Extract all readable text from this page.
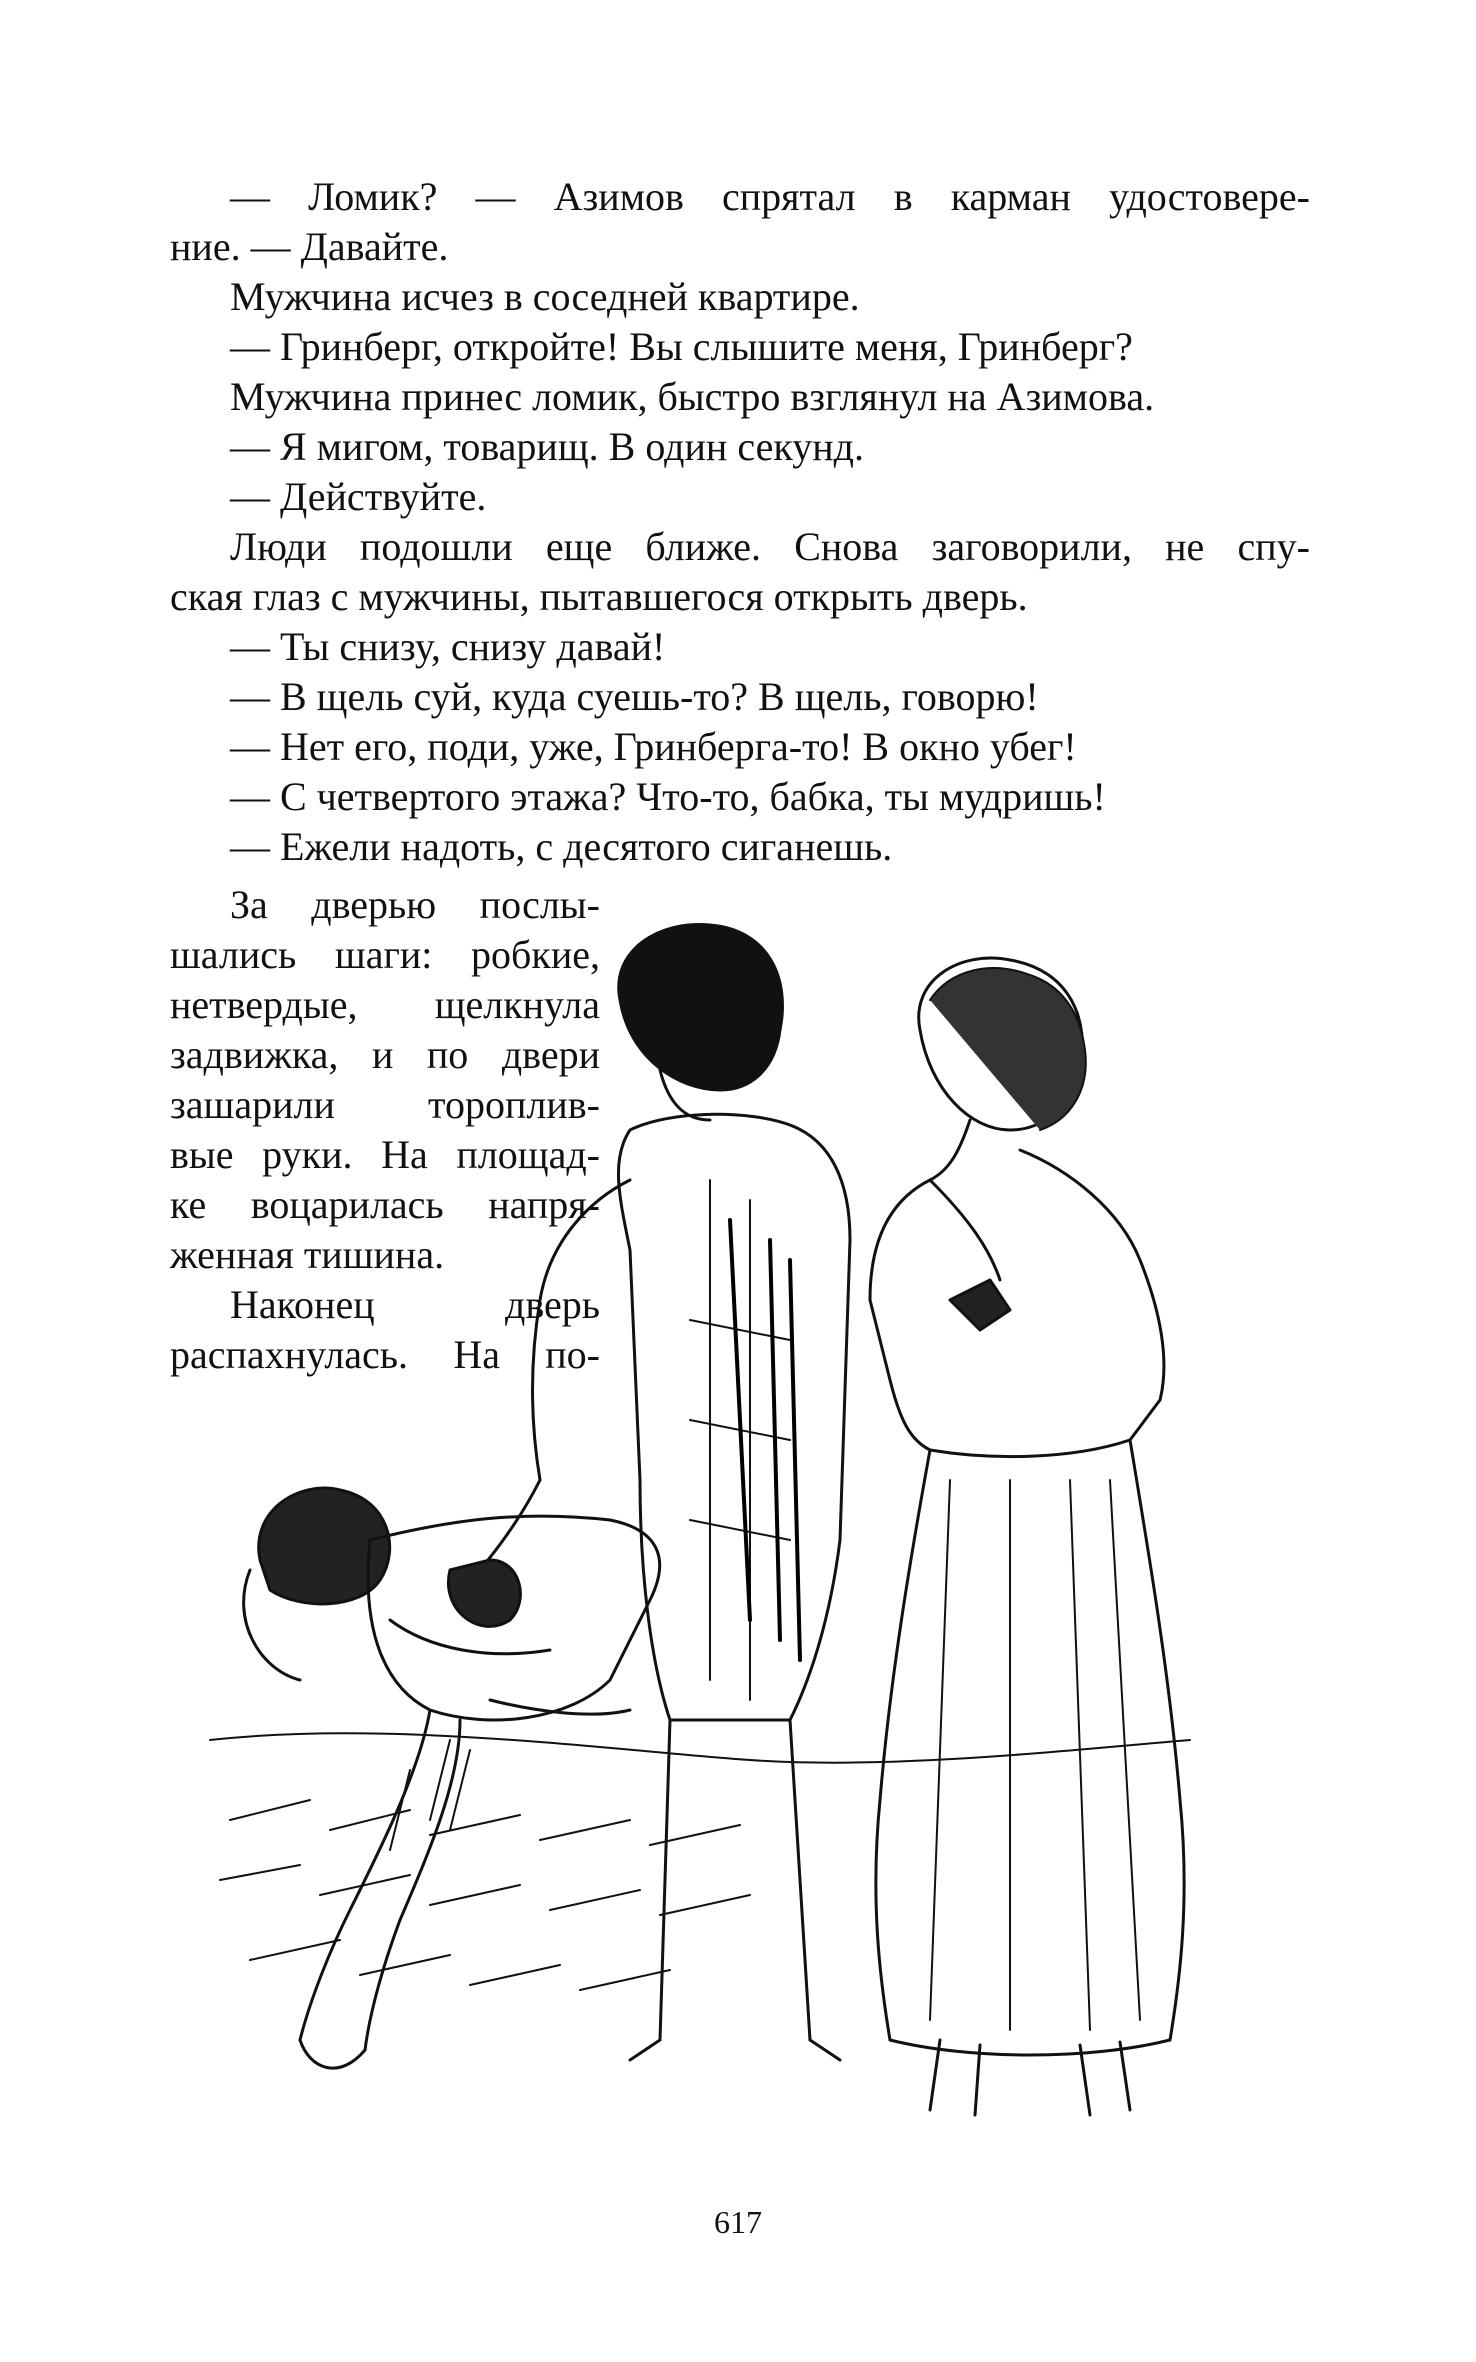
— Ломик? — Азимов спрятал в карман удостовере-
ние. — Давайте.

Мужчина исчез в соседней квартире.

— Гринберг, откройте! Вы слышите меня, Гринберг?

Мужчина принес ломик, быстро взглянул на Азимова.

— Я мигом, товарищ. В один секунд.

— Действуйте.

Люди подошли еще ближе. Снова заговорили, не спу-
ская глаз с мужчины, пытавшегося открыть дверь.

— Ты снизу, снизу давай!

— В щель суй, куда суешь-то? В щель, говорю!

— Нет его, поди, уже, Гринберга-то! В окно убег!

— С четвертого этажа? Что-то, бабка, ты мудришь!

— Ежели надоть, с десятого сиганешь.

За дверью послы-
шались шаги: робкие,
нетвердые, щелкнула
задвижка, и по двери
зашарили тороплив-
вые руки. На площад-
ке воцарилась напря-
женная тишина.

Наконец дверь
распахнулась. На по-

617
